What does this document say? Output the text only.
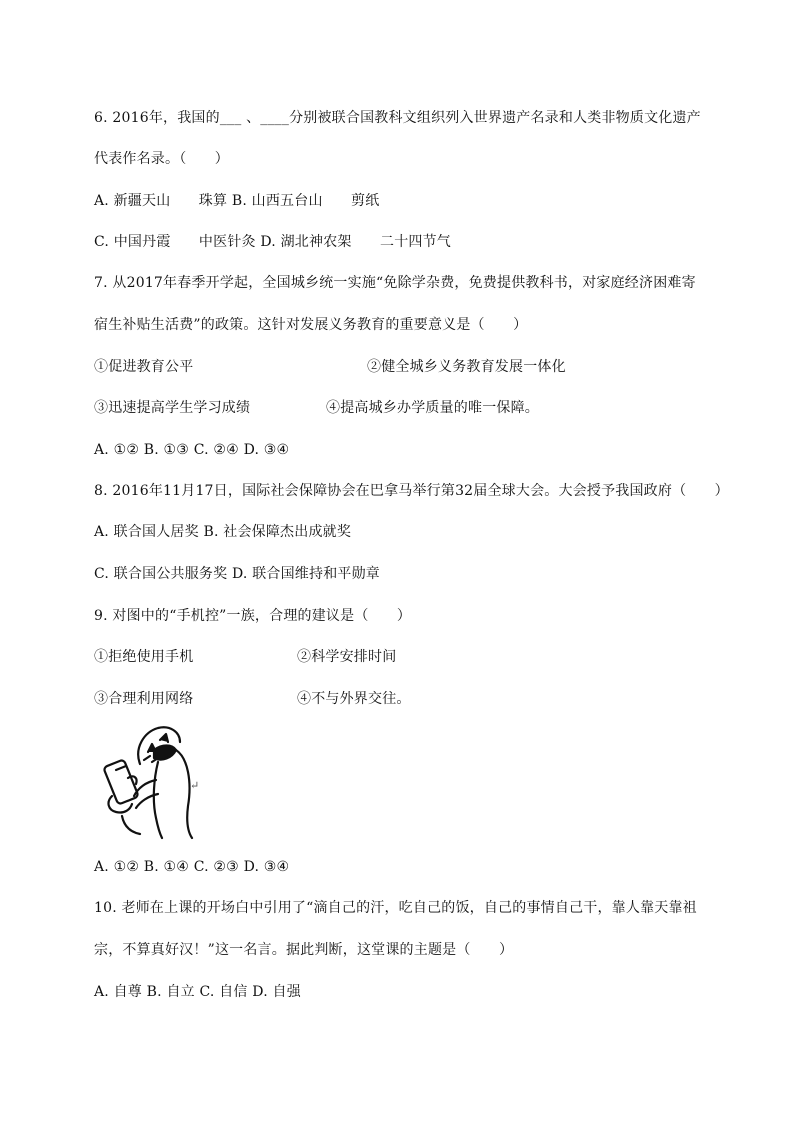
6. 2016年，我国的___ 、____分别被联合国教科文组织列入世界遗产名录和人类非物质文化遗产
代表作名录。（　　）
A. 新疆天山　　珠算 B. 山西五台山　　剪纸
C. 中国丹霞　　中医针灸 D. 湖北神农架　　二十四节气
7. 从2017年春季开学起，全国城乡统一实施“免除学杂费，免费提供教科书，对家庭经济困难寄
宿生补贴生活费”的政策。这针对发展义务教育的重要意义是（　　）
①促进教育公平	②健全城乡义务教育发展一体化
③迅速提高学生学习成绩	④提高城乡办学质量的唯一保障。
A. ①② B. ①③ C. ②④ D. ③④
8. 2016年11月17日，国际社会保障协会在巴拿马举行第32届全球大会。大会授予我国政府（　　）
A. 联合国人居奖 B. 社会保障杰出成就奖
C. 联合国公共服务奖 D. 联合国维持和平勋章
9. 对图中的“手机控”一族，合理的建议是（　　）
①拒绝使用手机	②科学安排时间
③合理利用网络	④不与外界交往。
↵
A. ①② B. ①④ C. ②③ D. ③④
10. 老师在上课的开场白中引用了“滴自己的汗，吃自己的饭，自己的事情自己干，靠人靠天靠祖
宗，不算真好汉！”这一名言。据此判断，这堂课的主题是（　　）
A. 自尊 B. 自立 C. 自信 D. 自强
